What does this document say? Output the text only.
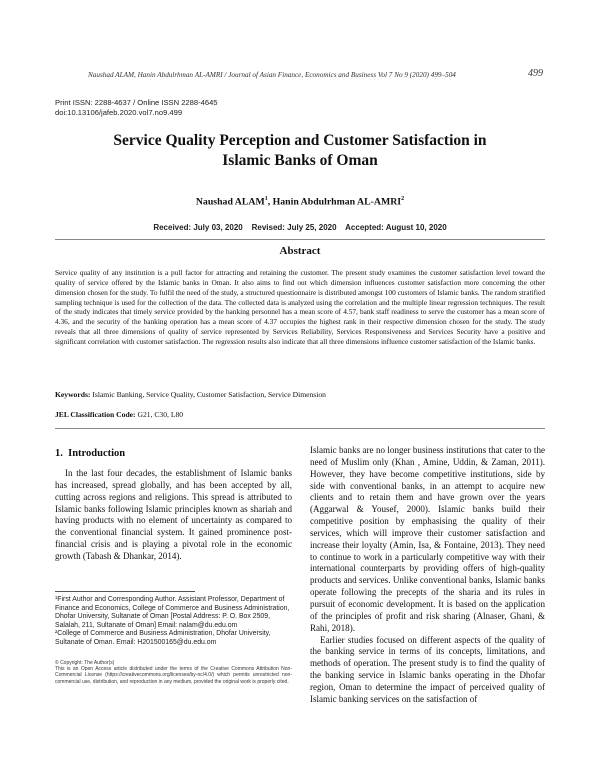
Naushad ALAM, Hanin Abdulrhman AL-AMRI / Journal of Asian Finance, Economics and Business Vol 7 No 9 (2020) 499–504	499
Print ISSN: 2288-4637 / Online ISSN 2288-4645
doi:10.13106/jafeb.2020.vol7.no9.499
Service Quality Perception and Customer Satisfaction in
Islamic Banks of Oman
Naushad ALAM$^1$, Hanin Abdulrhman AL-AMRI$^2$
Received: July 03, 2020    Revised: July 25, 2020    Accepted: August 10, 2020
Abstract
Service quality of any institution is a pull factor for attracting and retaining the customer. The present study examines the customer satisfaction level toward the quality of service offered by the Islamic banks in Oman. It also aims to find out which dimension influences customer satisfaction more concerning the other dimension chosen for the study. To fulfil the need of the study, a structured questionnaire is distributed amongst 100 customers of Islamic banks. The random stratified sampling technique is used for the collection of the data. The collected data is analyzed using the correlation and the multiple linear regression techniques. The result of the study indicates that timely service provided by the banking personnel has a mean score of 4.57, bank staff readiness to serve the customer has a mean score of 4.36, and the security of the banking operation has a mean score of 4.37 occupies the highest rank in their respective dimension chosen for the study. The study reveals that all three dimensions of quality of service represented by Services Reliability, Services Responsiveness and Services Security have a positive and significant correlation with customer satisfaction. The regression results also indicate that all three dimensions influence customer satisfaction of the Islamic banks.
Keywords: Islamic Banking, Service Quality, Customer Satisfaction, Service Dimension
JEL Classification Code: G21, C30, L80
1.  Introduction

In the last four decades, the establishment of Islamic banks has increased, spread globally, and has been accepted by all, cutting across regions and religions. This spread is attributed to Islamic banks following Islamic principles known as shariah and having products with no element of uncertainty as compared to the conventional financial system. It gained prominence post-financial crisis and is playing a pivotal role in the economic growth (Tabash & Dhankar, 2014).

Islamic banks are no longer business institutions that cater to the need of Muslim only (Khan , Amine, Uddin, & Zaman, 2011). However, they have become competitive institutions, side by side with conventional banks, in an attempt to acquire new clients and to retain them and have grown over the years (Aggarwal & Yousef, 2000). Islamic banks build their competitive position by emphasising the quality of their services, which will improve their customer satisfaction and increase their loyalty (Amin, Isa, & Fontaine, 2013). They need to continue to work in a particularly competitive way with their international counterparts by providing offers of high-quality products and services. Unlike conventional banks, Islamic banks operate following the precepts of the sharia and its rules in pursuit of economic development. It is based on the application of the principles of profit and risk sharing (Alnaser, Ghani, & Rahi, 2018).

Earlier studies focused on different aspects of the quality of the banking service in terms of its concepts, limitations, and methods of operation. The present study is to find the quality of the banking service in Islamic banks operating in the Dhofar region, Oman to determine the impact of perceived quality of Islamic banking services on the satisfaction of

¹First Author and Corresponding Author. Assistant Professor, Department of Finance and Economics, College of Commerce and Business Administration, Dhofar University, Sultanate of Oman [Postal Address: P. O. Box 2509, Salalah, 211, Sultanate of Oman] Email: nalam@du.edu.om
²College of Commerce and Business Administration, Dhofar University, Sultanate of Oman. Email: H201500165@du.edu.om
© Copyright: The Author(s)
This is an Open Access article distributed under the terms of the Creative Commons Attribution Non-Commercial License (https://creativecommons.org/licenses/by-nc/4.0/) which permits unrestricted non-commercial use, distribution, and reproduction in any medium, provided the original work is properly cited.
